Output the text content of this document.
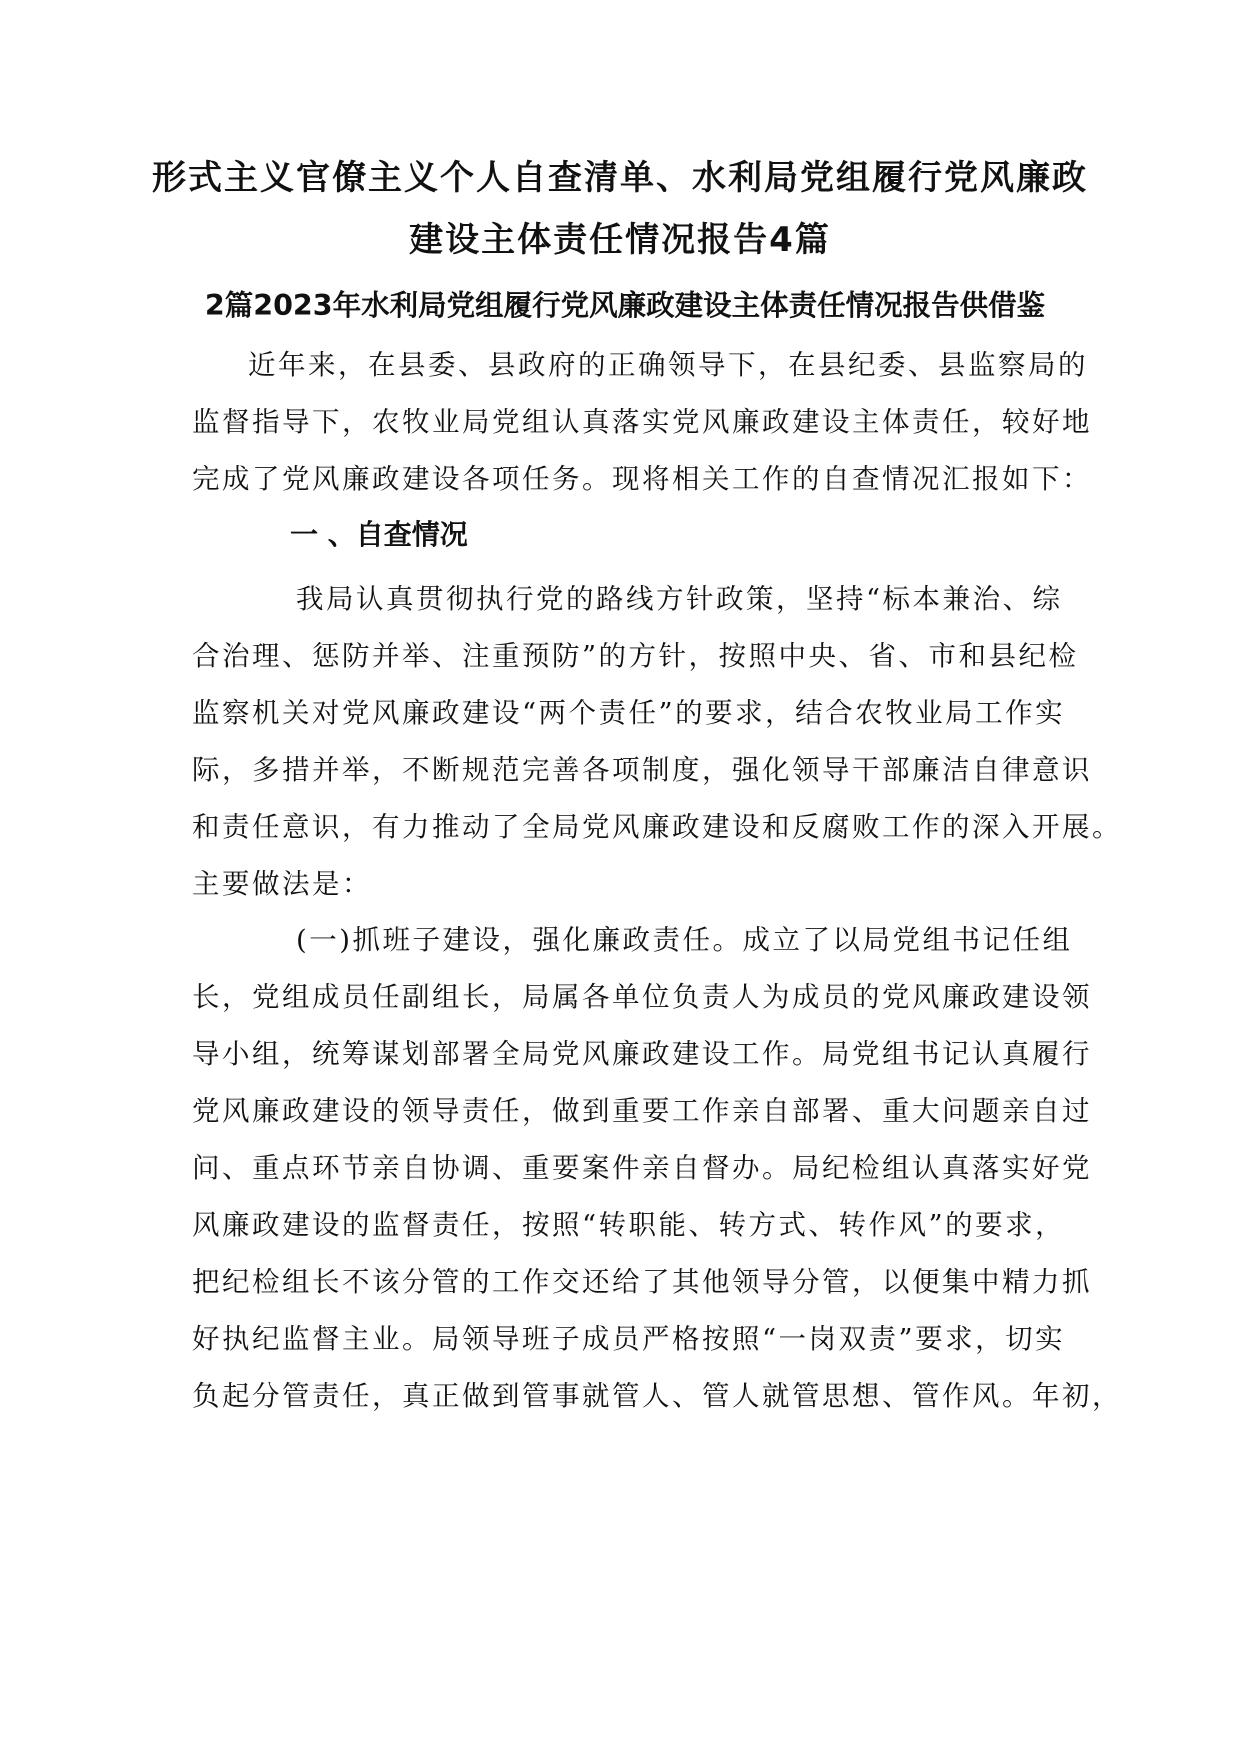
形式主义官僚主义个人自查清单、水利局党组履行党风廉政
建设主体责任情况报告4篇
2篇2023年水利局党组履行党风廉政建设主体责任情况报告供借鉴
近年来，在县委、县政府的正确领导下，在县纪委、县监察局的
监督指导下，农牧业局党组认真落实党风廉政建设主体责任，较好地
完成了党风廉政建设各项任务。现将相关工作的自查情况汇报如下：
一 、自查情况
我局认真贯彻执行党的路线方针政策，坚持“标本兼治、综
合治理、惩防并举、注重预防”的方针，按照中央、省、市和县纪检
监察机关对党风廉政建设“两个责任”的要求，结合农牧业局工作实
际，多措并举，不断规范完善各项制度，强化领导干部廉洁自律意识
和责任意识，有力推动了全局党风廉政建设和反腐败工作的深入开展。
主要做法是：
(一)抓班子建设，强化廉政责任。成立了以局党组书记任组
长，党组成员任副组长，局属各单位负责人为成员的党风廉政建设领
导小组，统筹谋划部署全局党风廉政建设工作。局党组书记认真履行
党风廉政建设的领导责任，做到重要工作亲自部署、重大问题亲自过
问、重点环节亲自协调、重要案件亲自督办。局纪检组认真落实好党
风廉政建设的监督责任，按照“转职能、转方式、转作风”的要求，
把纪检组长不该分管的工作交还给了其他领导分管，以便集中精力抓
好执纪监督主业。局领导班子成员严格按照“一岗双责”要求，切实
负起分管责任，真正做到管事就管人、管人就管思想、管作风。年初，
